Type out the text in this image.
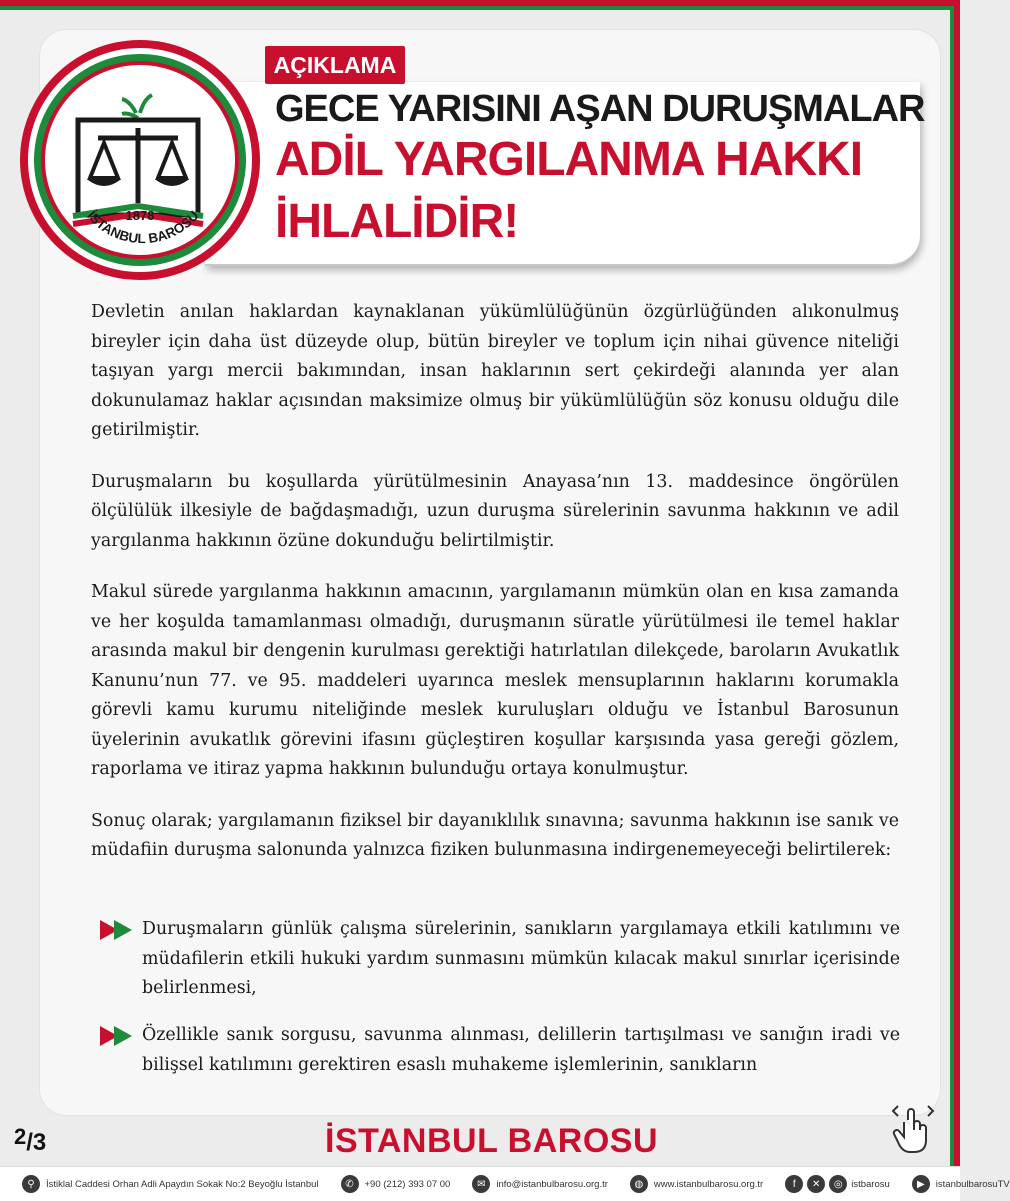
AÇIKLAMA
GECE YARISINI AŞAN DURUŞMALAR
ADİL YARGILANMA HAKKI
İHLALİDİR!
1878
İSTANBUL BAROSU

Devletin anılan haklardan kaynaklanan yükümlülüğünün özgürlüğünden alıkonulmuş bireyler için daha üst düzeyde olup, bütün bireyler ve toplum için nihai güvence niteliği taşıyan yargı mercii bakımından, insan haklarının sert çekirdeği alanında yer alan dokunulamaz haklar açısından maksimize olmuş bir yükümlülüğün söz konusu olduğu dile getirilmiştir.

Duruşmaların bu koşullarda yürütülmesinin Anayasa’nın 13. maddesince öngörülen ölçülülük ilkesiyle de bağdaşmadığı, uzun duruşma sürelerinin savunma hakkının ve adil yargılanma hakkının özüne dokunduğu belirtilmiştir.

Makul sürede yargılanma hakkının amacının, yargılamanın mümkün olan en kısa zamanda ve her koşulda tamamlanması olmadığı, duruşmanın süratle yürütülmesi ile temel haklar arasında makul bir dengenin kurulması gerektiği hatırlatılan dilekçede, baroların Avukatlık Kanunu’nun 77. ve 95. maddeleri uyarınca meslek mensuplarının haklarını korumakla görevli kamu kurumu niteliğinde meslek kuruluşları olduğu ve İstanbul Barosunun üyelerinin avukatlık görevini ifasını güçleştiren koşullar karşısında yasa gereği gözlem, raporlama ve itiraz yapma hakkının bulunduğu ortaya konulmuştur.

Sonuç olarak; yargılamanın fiziksel bir dayanıklılık sınavına; savunma hakkının ise sanık ve müdafiin duruşma salonunda yalnızca fiziken bulunmasına indirgenemeyeceği belirtilerek:

Duruşmaların günlük çalışma sürelerinin, sanıkların yargılamaya etkili katılımını ve müdafilerin etkili hukuki yardım sunmasını mümkün kılacak makul sınırlar içerisinde belirlenmesi,
Özellikle sanık sorgusu, savunma alınması, delillerin tartışılması ve sanığın iradi ve bilişsel katılımını gerektiren esaslı muhakeme işlemlerinin, sanıkların
$^2$/3	İSTANBUL BAROSU
⚲	İstiklal Caddesi Orhan Adli Apaydın Sokak No:2 Beyoğlu İstanbul	✆	+90 (212) 393 07 00	✉	info@istanbulbarosu.org.tr	◍	www.istanbulbarosu.org.tr	f	✕	◎ istbarosu	▶	istanbulbarosuTV
